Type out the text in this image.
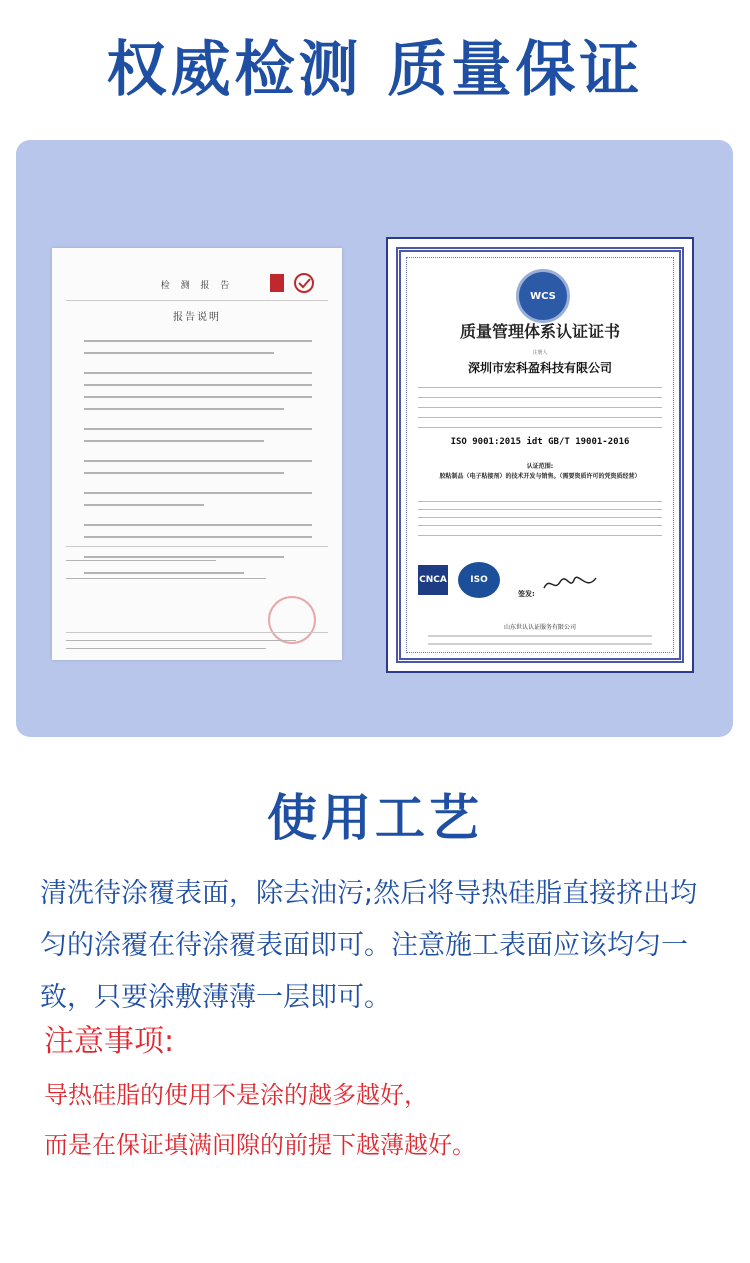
权威检测 质量保证
检 测 报 告
报告说明
WCS
质量管理体系认证证书
注册人
深圳市宏科盈科技有限公司
ISO 9001:2015 idt GB/T 19001-2016
认证范围:
胶粘制品（电子粘接剂）的技术开发与销售。（需要资质许可的凭资质经营）
CNCA	ISO
签发:
山东世认认证服务有限公司
使用工艺
清洗待涂覆表面，除去油污;然后将导热硅脂直接挤出均匀的涂覆在待涂覆表面即可。注意施工表面应该均匀一致，只要涂敷薄薄一层即可。
注意事项:
导热硅脂的使用不是涂的越多越好，
而是在保证填满间隙的前提下越薄越好。
